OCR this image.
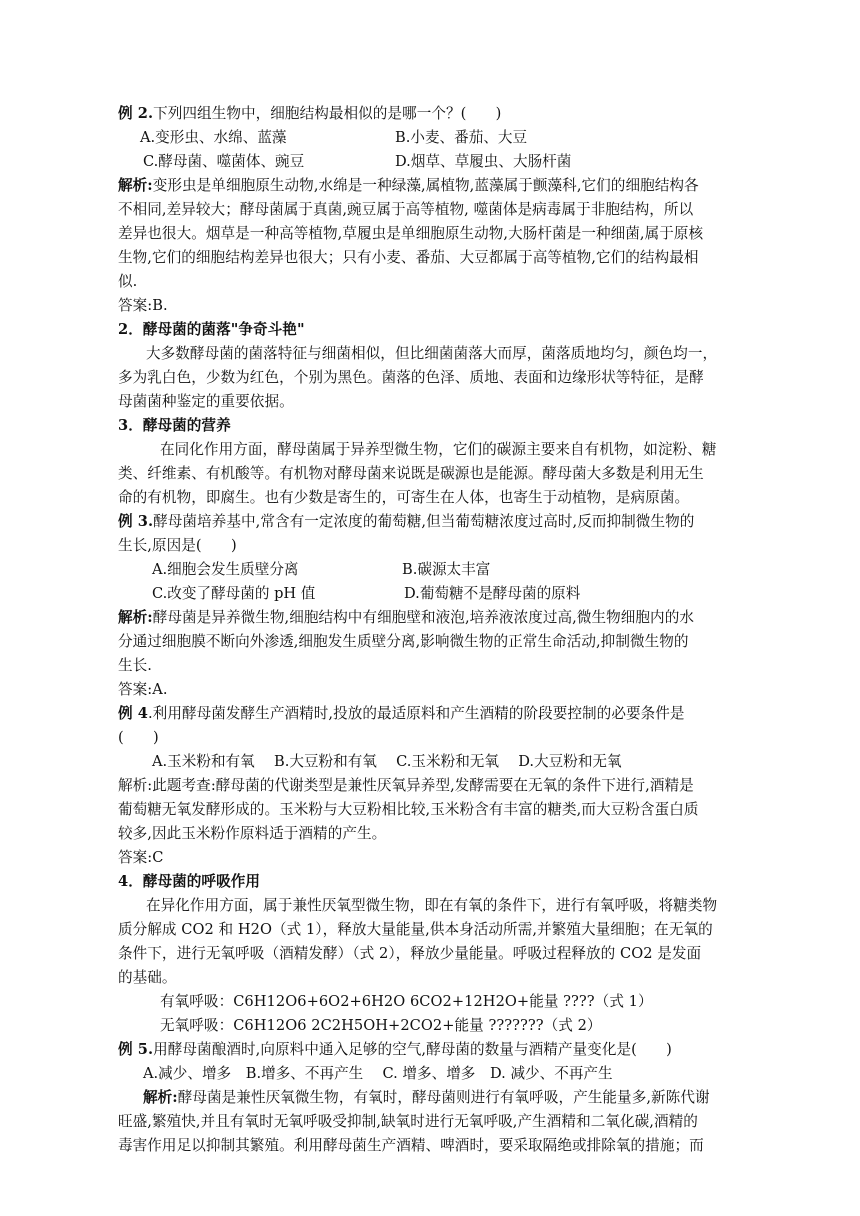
例 2.下列四组生物中，细胞结构最相似的是哪一个？(　　)
A.变形虫、水绵、蓝藻	B.小麦、番茄、大豆
C.酵母菌、噬菌体、豌豆	D.烟草、草履虫、大肠杆菌
解析:变形虫是单细胞原生动物,水绵是一种绿藻,属植物,蓝藻属于颤藻科,它们的细胞结构各
不相同,差异较大；酵母菌属于真菌,豌豆属于高等植物, 噬菌体是病毒属于非胞结构，所以
差异也很大。烟草是一种高等植物,草履虫是单细胞原生动物,大肠杆菌是一种细菌,属于原核
生物,它们的细胞结构差异也很大；只有小麦、番茄、大豆都属于高等植物,它们的结构最相
似.
答案:B.
2．酵母菌的菌落"争奇斗艳"
大多数酵母菌的菌落特征与细菌相似，但比细菌菌落大而厚，菌落质地均匀，颜色均一，
多为乳白色，少数为红色，个别为黑色。菌落的色泽、质地、表面和边缘形状等特征，是酵
母菌菌种鉴定的重要依据。
3．酵母菌的营养
在同化作用方面，酵母菌属于异养型微生物，它们的碳源主要来自有机物，如淀粉、糖
类、纤维素、有机酸等。有机物对酵母菌来说既是碳源也是能源。酵母菌大多数是利用无生
命的有机物，即腐生。也有少数是寄生的，可寄生在人体，也寄生于动植物，是病原菌。
例 3.酵母菌培养基中,常含有一定浓度的葡萄糖,但当葡萄糖浓度过高时,反而抑制微生物的
生长,原因是(　　)
A.细胞会发生质壁分离	B.碳源太丰富
C.改变了酵母菌的 pH 值	D.葡萄糖不是酵母菌的原料
解析:酵母菌是异养微生物,细胞结构中有细胞壁和液泡,培养液浓度过高,微生物细胞内的水
分通过细胞膜不断向外渗透,细胞发生质壁分离,影响微生物的正常生命活动,抑制微生物的
生长.
答案:A.
例 4.利用酵母菌发酵生产酒精时,投放的最适原料和产生酒精的阶段要控制的必要条件是
(　　)
A.玉米粉和有氧　 B.大豆粉和有氧　 C.玉米粉和无氧　 D.大豆粉和无氧
解析:此题考查:酵母菌的代谢类型是兼性厌氧异养型,发酵需要在无氧的条件下进行,酒精是
葡萄糖无氧发酵形成的。玉米粉与大豆粉相比较,玉米粉含有丰富的糖类,而大豆粉含蛋白质
较多,因此玉米粉作原料适于酒精的产生。
答案:C
4．酵母菌的呼吸作用
在异化作用方面，属于兼性厌氧型微生物，即在有氧的条件下，进行有氧呼吸，将糖类物
质分解成 CO2 和 H2O（式 1），释放大量能量,供本身活动所需,并繁殖大量细胞；在无氧的
条件下，进行无氧呼吸（酒精发酵）（式 2），释放少量能量。呼吸过程释放的 CO2 是发面
的基础。
有氧呼吸：C6H12O6+6O2+6H2O 6CO2+12H2O+能量 ????（式 1）
无氧呼吸：C6H12O6 2C2H5OH+2CO2+能量 ???????（式 2）
例 5.用酵母菌酿酒时,向原料中通入足够的空气,酵母菌的数量与酒精产量变化是(　　)
A.减少、增多　B.增多、不再产生　 C. 增多、增多　D. 减少、不再产生
解析:酵母菌是兼性厌氧微生物，有氧时，酵母菌则进行有氧呼吸，产生能量多,新陈代谢
旺盛,繁殖快,并且有氧时无氧呼吸受抑制,缺氧时进行无氧呼吸,产生酒精和二氧化碳,酒精的
毒害作用足以抑制其繁殖。利用酵母菌生产酒精、啤酒时，要采取隔绝或排除氧的措施；而
